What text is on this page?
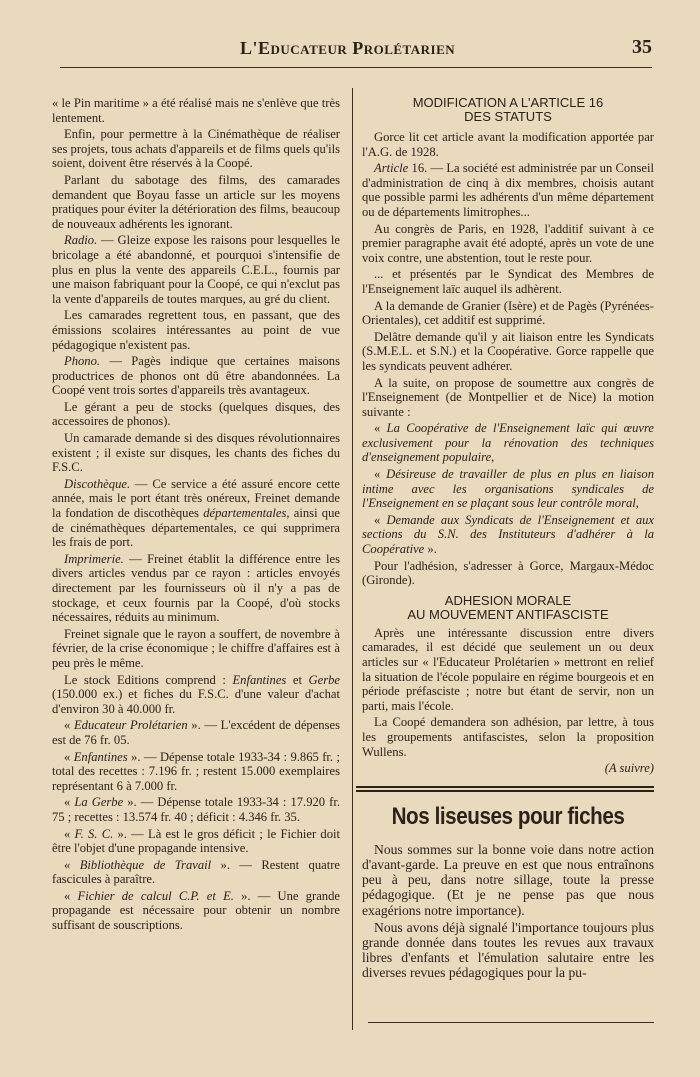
L'Educateur Prolétarien	35

« le Pin maritime » a été réalisé mais ne s'enlève que très lentement.

Enfin, pour permettre à la Cinémathèque de réaliser ses projets, tous achats d'appareils et de films quels qu'ils soient, doivent être réservés à la Coopé.

Parlant du sabotage des films, des camarades demandent que Boyau fasse un article sur les moyens pratiques pour éviter la détérioration des films, beaucoup de nouveaux adhérents les ignorant.

Radio. — Gleize expose les raisons pour lesquelles le bricolage a été abandonné, et pourquoi s'intensifie de plus en plus la vente des appareils C.E.L., fournis par une maison fabriquant pour la Coopé, ce qui n'exclut pas la vente d'appareils de toutes marques, au gré du client.

Les camarades regrettent tous, en passant, que des émissions scolaires intéressantes au point de vue pédagogique n'existent pas.

Phono. — Pagès indique que certaines maisons productrices de phonos ont dû être abandonnées. La Coopé vent trois sortes d'appareils très avantageux.

Le gérant a peu de stocks (quelques disques, des accessoires de phonos).

Un camarade demande si des disques révolutionnaires existent ; il existe sur disques, les chants des fiches du F.S.C.

Discothèque. — Ce service a été assuré encore cette année, mais le port étant très onéreux, Freinet demande la fondation de discothèques départementales, ainsi que de cinémathèques départementales, ce qui supprimera les frais de port.

Imprimerie. — Freinet établit la différence entre les divers articles vendus par ce rayon : articles envoyés directement par les fournisseurs où il n'y a pas de stockage, et ceux fournis par la Coopé, d'où stocks nécessaires, réduits au minimum.

Freinet signale que le rayon a souffert, de novembre à février, de la crise économique ; le chiffre d'affaires est à peu près le même.

Le stock Editions comprend : Enfantines et Gerbe (150.000 ex.) et fiches du F.S.C. d'une valeur d'achat d'environ 30 à 40.000 fr.

« Educateur Prolétarien ». — L'excédent de dépenses est de 76 fr. 05.

« Enfantines ». — Dépense totale 1933-34 : 9.865 fr. ; total des recettes : 7.196 fr. ; restent 15.000 exemplaires représentant 6 à 7.000 fr.

« La Gerbe ». — Dépense totale 1933-34 : 17.920 fr. 75 ; recettes : 13.574 fr. 40 ; déficit : 4.346 fr. 35.

« F. S. C. ». — Là est le gros déficit ; le Fichier doit être l'objet d'une propagande intensive.

« Bibliothèque de Travail ». — Restent quatre fascicules à paraître.

« Fichier de calcul C.P. et E. ». — Une grande propagande est nécessaire pour obtenir un nombre suffisant de souscriptions.

MODIFICATION A L'ARTICLE 16
DES STATUTS

Gorce lit cet article avant la modification apportée par l'A.G. de 1928.

Article 16. — La société est administrée par un Conseil d'administration de cinq à dix membres, choisis autant que possible parmi les adhérents d'un même département ou de départements limitrophes...

Au congrès de Paris, en 1928, l'additif suivant à ce premier paragraphe avait été adopté, après un vote de une voix contre, une abstention, tout le reste pour.

... et présentés par le Syndicat des Membres de l'Enseignement laïc auquel ils adhèrent.

A la demande de Granier (Isère) et de Pagès (Pyrénées-Orientales), cet additif est supprimé.

Delâtre demande qu'il y ait liaison entre les Syndicats (S.M.E.L. et S.N.) et la Coopérative. Gorce rappelle que les syndicats peuvent adhérer.

A la suite, on propose de soumettre aux congrès de l'Enseignement (de Montpellier et de Nice) la motion suivante :

« La Coopérative de l'Enseignement laïc qui œuvre exclusivement pour la rénovation des techniques d'enseignement populaire,

« Désireuse de travailler de plus en plus en liaison intime avec les organisations syndicales de l'Enseignement en se plaçant sous leur contrôle moral,

« Demande aux Syndicats de l'Enseignement et aux sections du S.N. des Instituteurs d'adhérer à la Coopérative ».

Pour l'adhésion, s'adresser à Gorce, Margaux-Médoc (Gironde).

ADHESION MORALE
AU MOUVEMENT ANTIFASCISTE

Après une intéressante discussion entre divers camarades, il est décidé que seulement un ou deux articles sur « l'Educateur Prolétarien » mettront en relief la situation de l'école populaire en régime bourgeois et en période préfasciste ; notre but étant de servir, non un parti, mais l'école.

La Coopé demandera son adhésion, par lettre, à tous les groupements antifascistes, selon la proposition Wullens.

(A suivre)

Nos liseuses pour fiches

Nous sommes sur la bonne voie dans notre action d'avant-garde. La preuve en est que nous entraînons peu à peu, dans notre sillage, toute la presse pédagogique. (Et je ne pense pas que nous exagérions notre importance).

Nous avons déjà signalé l'importance toujours plus grande donnée dans toutes les revues aux travaux libres d'enfants et l'émulation salutaire entre les diverses revues pédagogiques pour la pu-
